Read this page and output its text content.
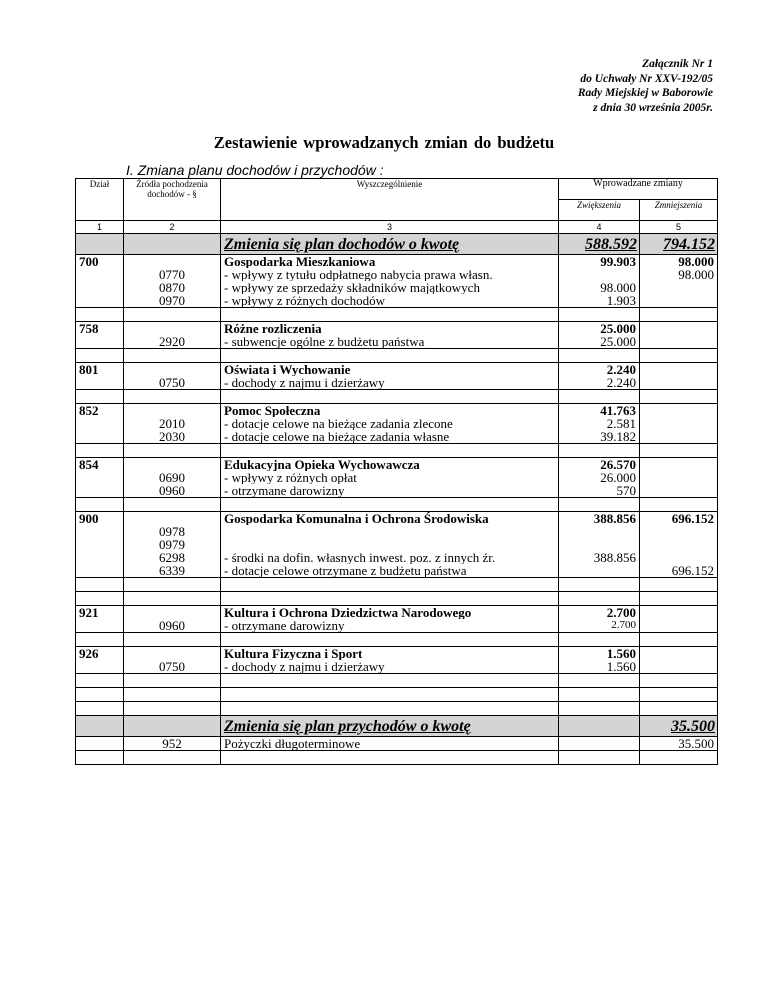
Załącznik Nr 1
do Uchwały Nr XXV-192/05
Rady Miejskiej w Baborowie
z dnia 30 września 2005r.
Zestawienie wprowadzanych zmian do budżetu
I. Zmiana planu dochodów i przychodów :
Dział	Źródła pochodzenia dochodów - §	Wyszczególnienie	Wprowadzane zmiany	
			Zwiększenia	Zmniejszenia
1	2	3	4	5
		Zmienia się plan dochodów o kwotę	588.592	794.152
700		Gospodarka Mieszkaniowa	99.903	98.000
	0770	- wpływy z tytułu odpłatnego nabycia prawa własn.		98.000
	0870	- wpływy ze sprzedaży składników majątkowych	98.000	
	0970	- wpływy z różnych dochodów	1.903	

758		Różne rozliczenia	25.000	
	2920	- subwencje ogólne z budżetu państwa	25.000	

801		Oświata i Wychowanie	2.240	
	0750	- dochody z najmu i dzierżawy	2.240	

852		Pomoc Społeczna	41.763	
	2010	- dotacje celowe na bieżące zadania zlecone	2.581	
	2030	- dotacje celowe na bieżące zadania własne	39.182	

854		Edukacyjna Opieka Wychowawcza	26.570	
	0690	- wpływy z różnych opłat	26.000	
	0960	- otrzymane darowizny	570	

900		Gospodarka Komunalna i Ochrona Środowiska	388.856	696.152
	0978			
	0979			
	6298	- środki na dofin. własnych inwest. poz. z innych źr.	388.856	
	6339	- dotacje celowe otrzymane z budżetu państwa		696.152

921		Kultura i Ochrona Dziedzictwa Narodowego	2.700	
	0960	- otrzymane darowizny	2.700	

926		Kultura Fizyczna i Sport	1.560	
	0750	- dochody z najmu i dzierżawy	1.560	

		Zmienia się plan przychodów o kwotę		35.500
	952	Pożyczki długoterminowe		35.500
